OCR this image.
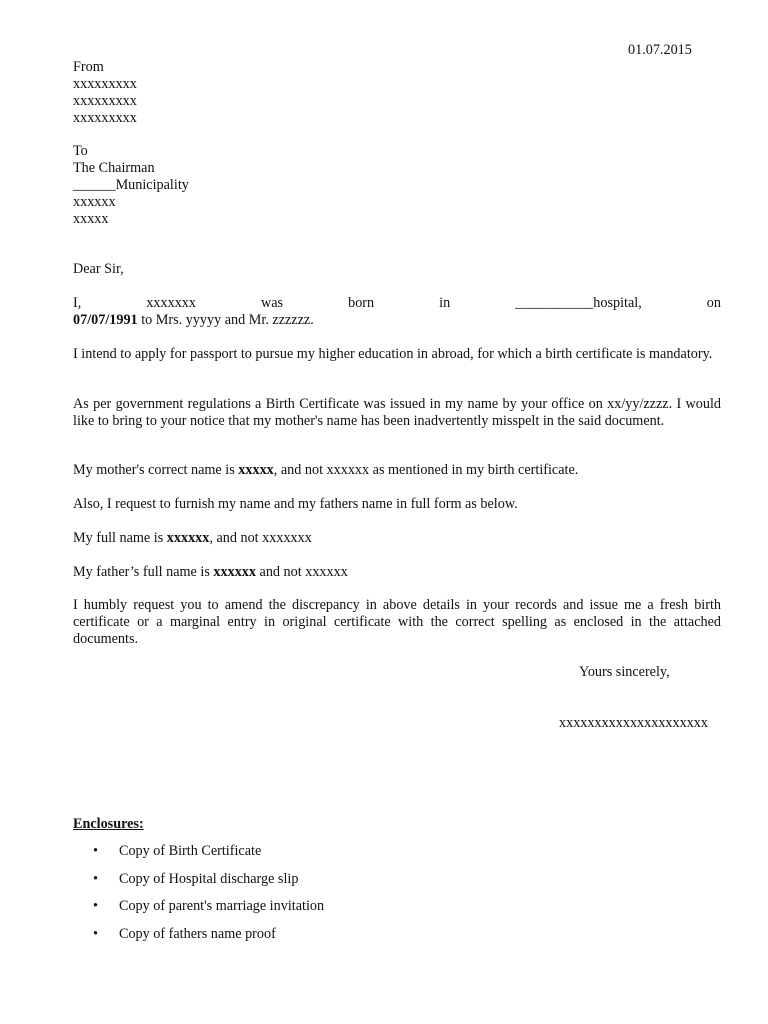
01.07.2015
From
xxxxxxxxx
xxxxxxxxx
xxxxxxxxx
To
The Chairman
______Municipality
xxxxxx
xxxxx
Dear Sir,
I,	xxxxxxx	was	born	in	___________hospital,	on
07/07/1991 to Mrs. yyyyy and Mr. zzzzzz.
I intend to apply for passport to pursue my higher education in abroad, for which a birth certificate is mandatory.
As per government regulations a Birth Certificate was issued in my name by your office on xx/yy/zzzz. I would like to bring to your notice that my mother's name has been inadvertently misspelt in the said document.
My mother's correct name is xxxxx, and not xxxxxx as mentioned in my birth certificate.
Also, I request to furnish my name and my fathers name in full form as below.
My full name is xxxxxx, and not xxxxxxx
My father’s full name is xxxxxx and not xxxxxx
I humbly request you to amend the discrepancy in above details in your records and issue me a fresh birth certificate or a marginal entry in original certificate with the correct spelling as enclosed in the attached documents.
Yours sincerely,
xxxxxxxxxxxxxxxxxxxxx
Enclosures:
• Copy of Birth Certificate
• Copy of Hospital discharge slip
• Copy of parent's marriage invitation
• Copy of fathers name proof
